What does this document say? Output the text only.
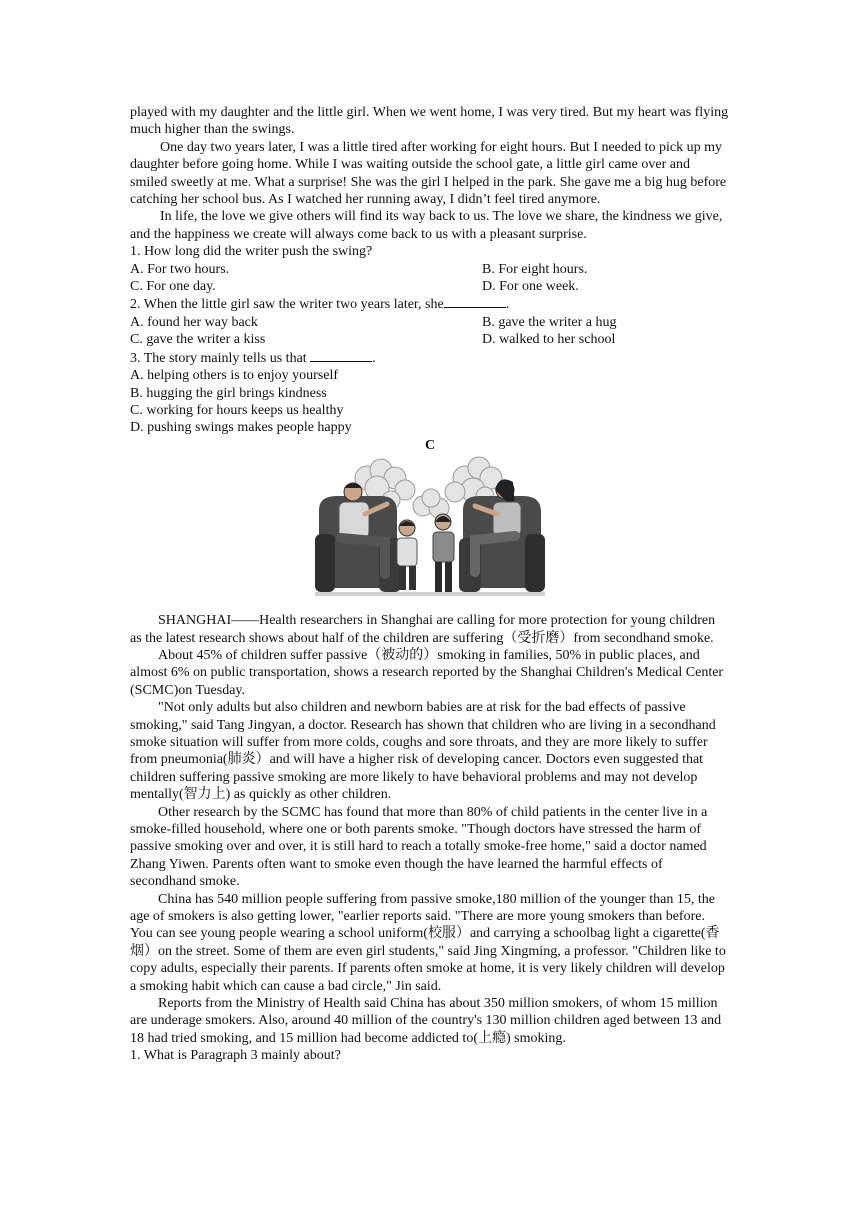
played with my daughter and the little girl. When we went home, I was very tired. But my heart was flying much higher than the swings.

One day two years later, I was a little tired after working for eight hours. But I needed to pick up my daughter before going home. While I was waiting outside the school gate, a little girl came over and smiled sweetly at me. What a surprise! She was the girl I helped in the park. She gave me a big hug before catching her school bus. As I watched her running away, I didn’t feel tired anymore.

In life, the love we give others will find its way back to us. The love we share, the kindness we give, and the happiness we create will always come back to us with a pleasant surprise.

1. How long did the writer push the swing?

A. For two hours.	B. For eight hours.
C. For one day.	D. For one week.

2. When the little girl saw the writer two years later, she	.

A. found her way back	B. gave the writer a hug
C. gave the writer a kiss	D. walked to her school

3. The story mainly tells us that	.

A. helping others is to enjoy yourself

B. hugging the girl brings kindness

C. working for hours keeps us healthy

D. pushing swings makes people happy

C

SHANGHAI——Health researchers in Shanghai are calling for more protection for young children as the latest research shows about half of the children are suffering（受折磨）from secondhand smoke.

About 45% of children suffer passive（被动的）smoking in families, 50% in public places, and almost 6% on public transportation, shows a research reported by the Shanghai Children's Medical Center (SCMC)on Tuesday.

"Not only adults but also children and newborn babies are at risk for the bad effects of passive smoking," said Tang Jingyan, a doctor. Research has shown that children who are living in a secondhand smoke situation will suffer from more colds, coughs and sore throats, and they are more likely to suffer from pneumonia(肺炎）and will have a higher risk of developing cancer. Doctors even suggested that children suffering passive smoking are more likely to have behavioral problems and may not develop mentally(智力上) as quickly as other children.

Other research by the SCMC has found that more than 80% of child patients in the center live in a smoke-filled household, where one or both parents smoke. "Though doctors have stressed the harm of passive smoking over and over, it is still hard to reach a totally smoke-free home," said a doctor named Zhang Yiwen. Parents often want to smoke even though the have learned the harmful effects of secondhand smoke.

China has 540 million people suffering from passive smoke,180 million of the younger than 15, the age of smokers is also getting lower, "earlier reports said. "There are more young smokers than before. You can see young people wearing a school uniform(校服）and carrying a schoolbag light a cigarette(香烟）on the street. Some of them are even girl students," said Jing Xingming, a professor. "Children like to copy adults, especially their parents. If parents often smoke at home, it is very likely children will develop a smoking habit which can cause a bad circle," Jin said.

Reports from the Ministry of Health said China has about 350 million smokers, of whom 15 million are underage smokers. Also, around 40 million of the country's 130 million children aged between 13 and 18 had tried smoking, and 15 million had become addicted to(上瘾) smoking.

1. What is Paragraph 3 mainly about?
